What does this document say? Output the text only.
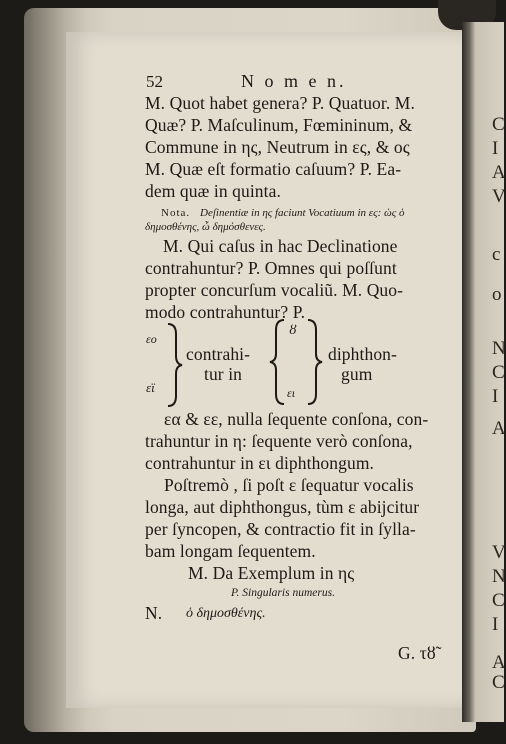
C
I
A
V
c
o
N
C
I
A
V
N
C
I
A
C
52	N o m e n.
M. Quot habet genera? P. Quatuor. M.
Quæ? P. Maſculinum, Fœmininum, &
Commune in ης, Neutrum in ες, & ος
M. Quæ eſt formatio caſuum? P. Ea-
dem quæ in quinta.
Nota. Deſinentiæ in ης faciunt Vocatiuum in ες: ὡς ὁ
δημοσθένης, ὦ δημόσθενες.
M. Qui caſus in hac Declinatione
contrahuntur? P. Omnes qui poſſunt
propter concurſum vocaliũ. M. Quo-
modo contrahuntur? P.
εο
εϊ
contrahi-
tur in
ȣ
ει
diphthon-
gum
εα & εε, nulla ſequente conſona, con-
trahuntur in η: ſequente verò conſona,
contrahuntur in ει diphthongum.
Poſtremò , ſi poſt ε ſequatur vocalis
longa, aut diphthongus, tùm ε abijcitur
per ſyncopen, & contractio fit in ſylla-
bam longam ſequentem.
M. Da Exemplum in ης
P. Singularis numerus.
N. ὁ δημοσθένης.
G. τȣ̃
